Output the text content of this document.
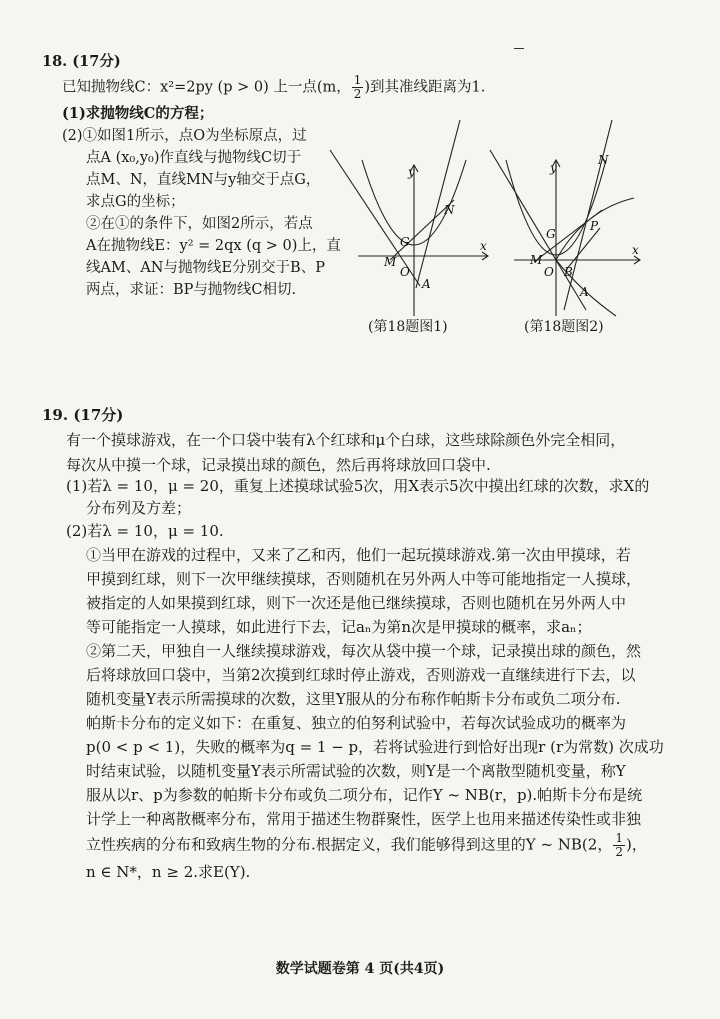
18. (17分)
已知抛物线C：x²=2py (p > 0) 上一点(m， $\frac{1}{2}$ )到其准线距离为1.
(1)求抛物线C的方程；
(2)①如图1所示，点O为坐标原点，过
点A (x₀,y₀)作直线与抛物线C切于
点M、N，直线MN与y轴交于点G，
求点G的坐标；
②在①的条件下，如图2所示，若点
A在抛物线E：y² = 2qx (q > 0)上，直
线AM、AN与抛物线E分别交于B、P
两点，求证：BP与抛物线C相切.
y
x
N
G
M
O
A
(第18题图1)
y
x
N
P
G
M
O B
A
(第18题图2)
19. (17分)
有一个摸球游戏，在一个口袋中装有λ个红球和μ个白球，这些球除颜色外完全相同，
每次从中摸一个球，记录摸出球的颜色，然后再将球放回口袋中.
(1)若λ = 10，μ = 20，重复上述摸球试验5次，用X表示5次中摸出红球的次数，求X的
分布列及方差；
(2)若λ = 10，μ = 10.
①当甲在游戏的过程中，又来了乙和丙，他们一起玩摸球游戏.第一次由甲摸球，若
甲摸到红球，则下一次甲继续摸球，否则随机在另外两人中等可能地指定一人摸球，
被指定的人如果摸到红球，则下一次还是他已继续摸球，否则也随机在另外两人中
等可能指定一人摸球，如此进行下去，记aₙ为第n次是甲摸球的概率，求aₙ；
②第二天，甲独自一人继续摸球游戏，每次从袋中摸一个球，记录摸出球的颜色，然
后将球放回口袋中，当第2次摸到红球时停止游戏，否则游戏一直继续进行下去，以
随机变量Y表示所需摸球的次数，这里Y服从的分布称作帕斯卡分布或负二项分布.
帕斯卡分布的定义如下：在重复、独立的伯努利试验中，若每次试验成功的概率为
p(0 < p < 1)，失败的概率为q = 1 − p，若将试验进行到恰好出现r (r为常数) 次成功
时结束试验，以随机变量Y表示所需试验的次数，则Y是一个离散型随机变量，称Y
服从以r、p为参数的帕斯卡分布或负二项分布，记作Y ~ NB(r，p).帕斯卡分布是统
计学上一种离散概率分布，常用于描述生物群聚性，医学上也用来描述传染性或非独
立性疾病的分布和致病生物的分布.根据定义，我们能够得到这里的Y ~ NB(2， $\frac{1}{2}$ )，
n ∈ N*，n ≥ 2.求E(Y).
数学试题卷第 4 页(共4页)
